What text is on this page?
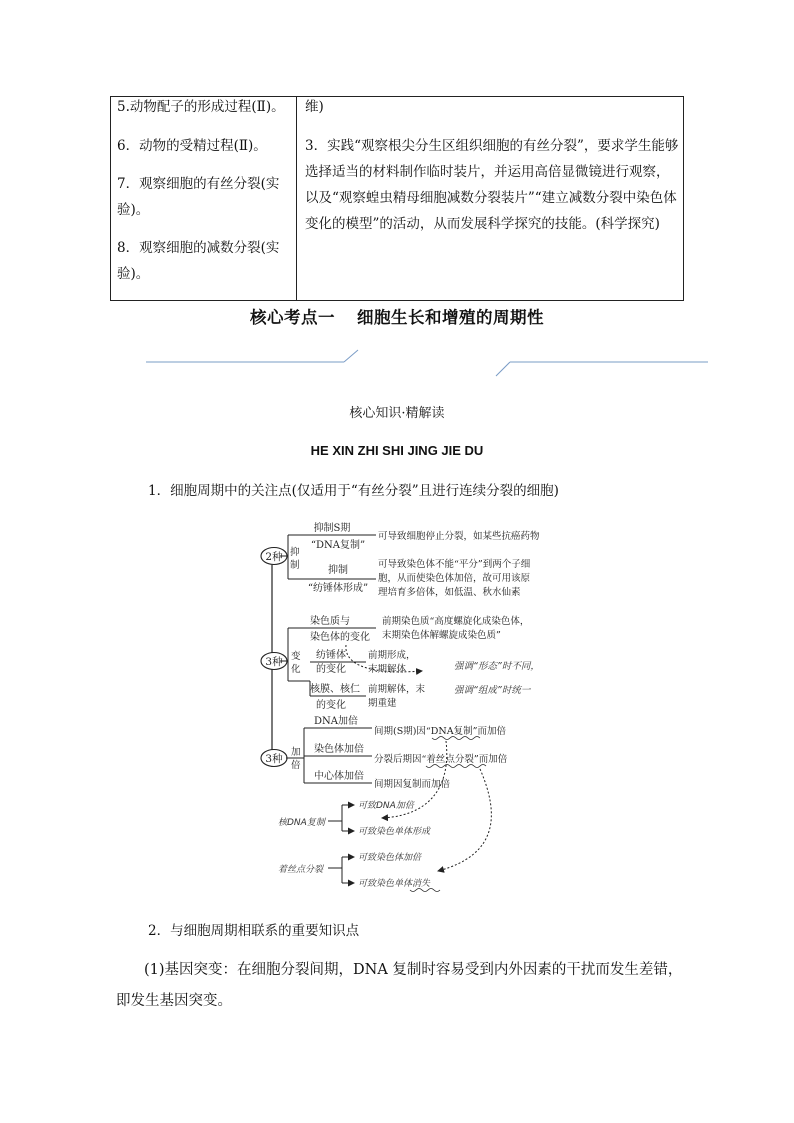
5.动物配子的形成过程(Ⅱ)。
6．动物的受精过程(Ⅱ)。
7．观察细胞的有丝分裂(实验)。
8．观察细胞的减数分裂(实验)。
维)
3．实践“观察根尖分生区组织细胞的有丝分裂”，要求学生能够选择适当的材料制作临时装片，并运用高倍显微镜进行观察，以及“观察蝗虫精母细胞减数分裂装片”“建立减数分裂中染色体变化的模型”的活动，从而发展科学探究的技能。(科学探究)
核心考点一 细胞生长和增殖的周期性
核心知识·精解读
HE XIN ZHI SHI JING JIE DU
1．细胞周期中的关注点(仅适用于“有丝分裂”且进行连续分裂的细胞)
2种 抑
制
抑制S期
“DNA复制”
可导致细胞停止分裂，如某些抗癌药物
抑制
“纺锤体形成”
可导致染色体不能“平分”到两个子细
胞，从而使染色体加倍，故可用该原
理培育多倍体，如低温、秋水仙素
3种 变
化
染色质与
染色体的变化
前期染色质“高度螺旋化成染色体，
末期染色体解螺旋成染色质”
纺锤体
的变化
前期形成，
末期解体
核膜、核仁
的变化
前期解体，末
期重建
强调“形态”时不同，
强调“组成”时统一
3种
加
倍
DNA加倍
间期(S期)因“DNA复制”而加倍
染色体加倍
分裂后期因“着丝点分裂”而加倍
中心体加倍
间期因复制而加倍
核DNA复制
可致DNA加倍
可致染色单体形成
着丝点分裂
可致染色体加倍
可致染色单体消失
2．与细胞周期相联系的重要知识点
(1)基因突变：在细胞分裂间期，DNA 复制时容易受到内外因素的干扰而发生差错，即发生基因突变。
